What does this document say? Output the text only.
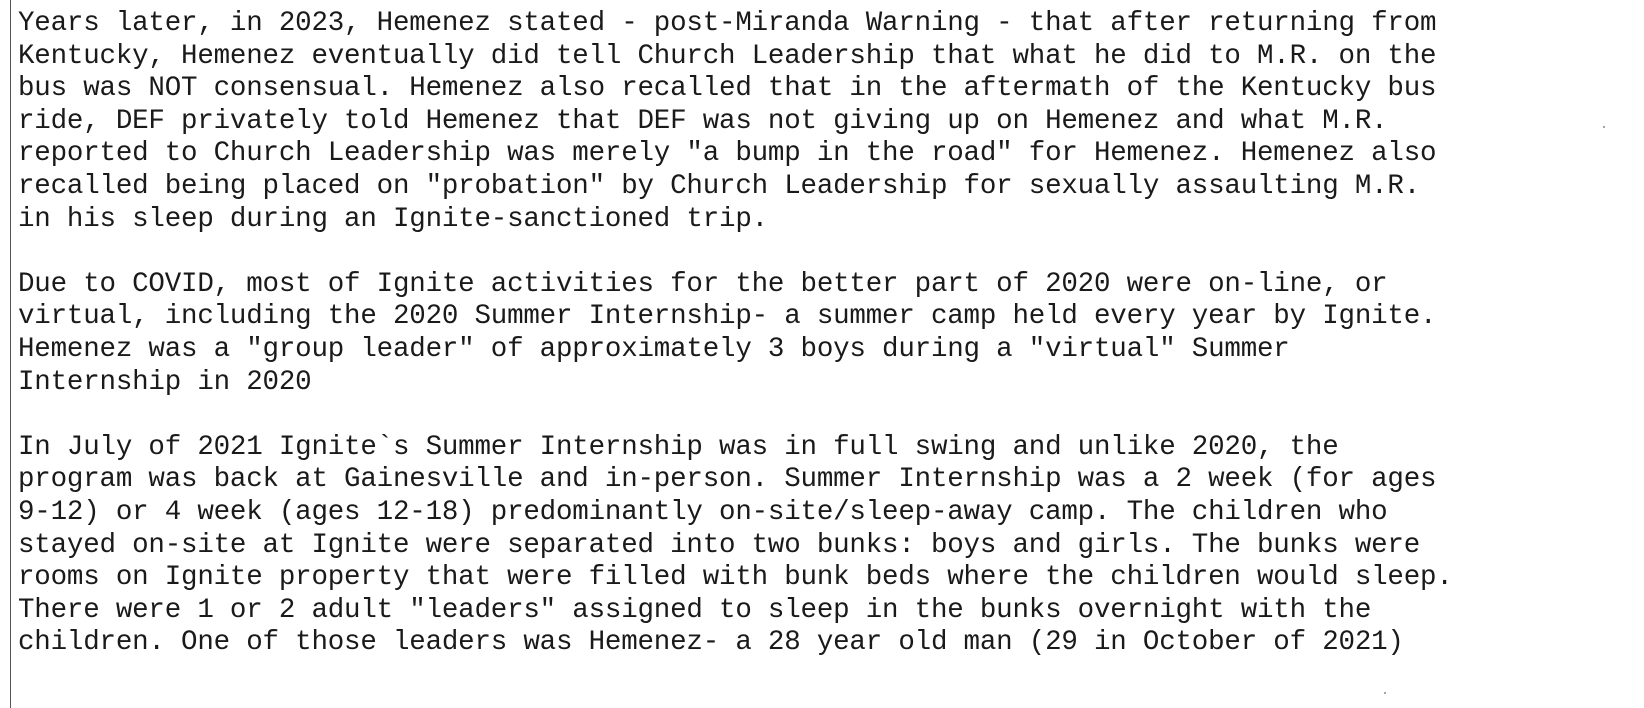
Years later, in 2023, Hemenez stated - post-Miranda Warning - that after returning from
Kentucky, Hemenez eventually did tell Church Leadership that what he did to M.R. on the
bus was NOT consensual. Hemenez also recalled that in the aftermath of the Kentucky bus
ride, DEF privately told Hemenez that DEF was not giving up on Hemenez and what M.R.
reported to Church Leadership was merely "a bump in the road" for Hemenez. Hemenez also
recalled being placed on "probation" by Church Leadership for sexually assaulting M.R.
in his sleep during an Ignite-sanctioned trip.

Due to COVID, most of Ignite activities for the better part of 2020 were on-line, or
virtual, including the 2020 Summer Internship- a summer camp held every year by Ignite.
Hemenez was a "group leader" of approximately 3 boys during a "virtual" Summer
Internship in 2020

In July of 2021 Ignite`s Summer Internship was in full swing and unlike 2020, the
program was back at Gainesville and in-person. Summer Internship was a 2 week (for ages
9-12) or 4 week (ages 12-18) predominantly on-site/sleep-away camp. The children who
stayed on-site at Ignite were separated into two bunks: boys and girls. The bunks were
rooms on Ignite property that were filled with bunk beds where the children would sleep.
There were 1 or 2 adult "leaders" assigned to sleep in the bunks overnight with the
children. One of those leaders was Hemenez- a 28 year old man (29 in October of 2021)
